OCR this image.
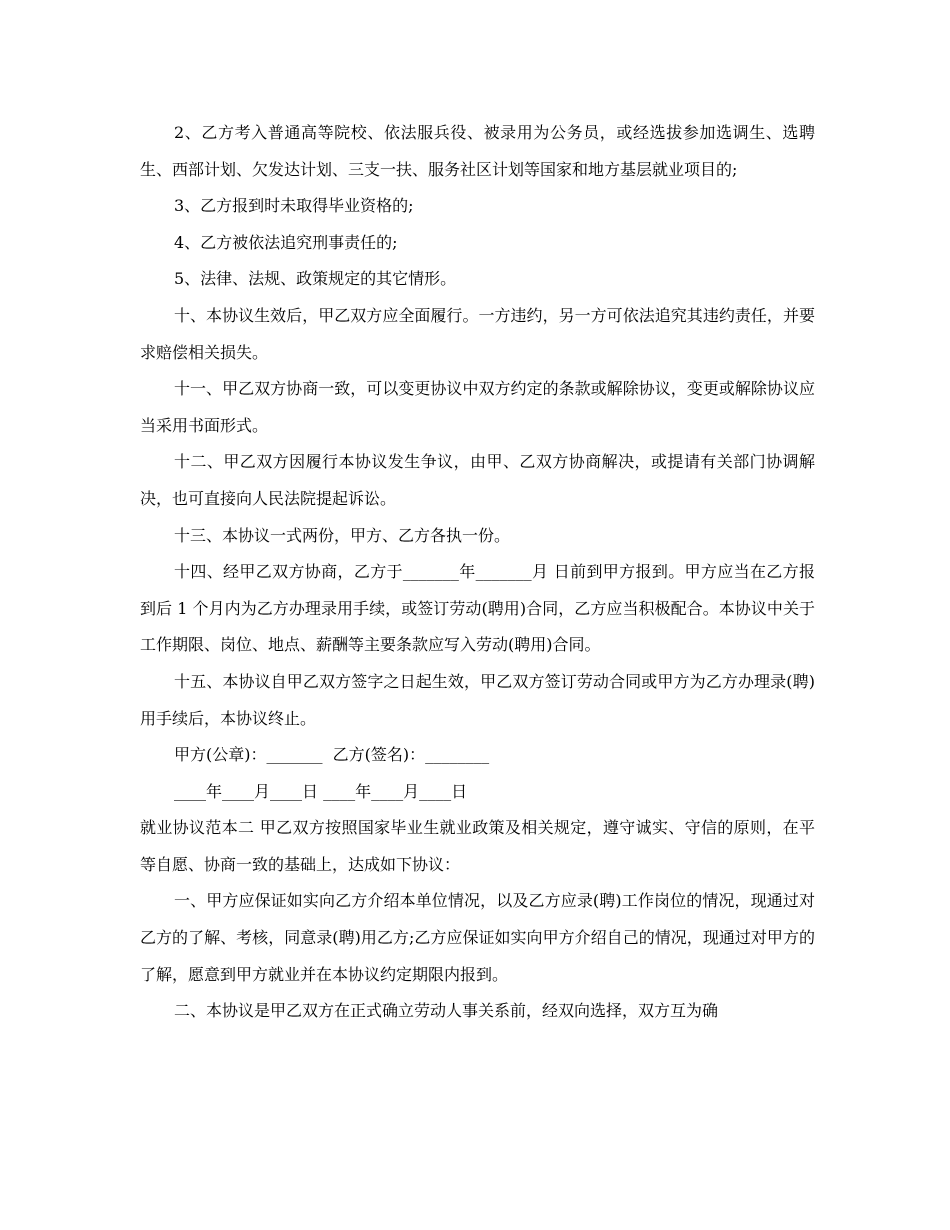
2、乙方考入普通高等院校、依法服兵役、被录用为公务员，或经选拔参加选调生、选聘生、西部计划、欠发达计划、三支一扶、服务社区计划等国家和地方基层就业项目的;

3、乙方报到时未取得毕业资格的;

4、乙方被依法追究刑事责任的;

5、法律、法规、政策规定的其它情形。

十、本协议生效后，甲乙双方应全面履行。一方违约，另一方可依法追究其违约责任，并要求赔偿相关损失。

十一、甲乙双方协商一致，可以变更协议中双方约定的条款或解除协议，变更或解除协议应当采用书面形式。

十二、甲乙双方因履行本协议发生争议，由甲、乙双方协商解决，或提请有关部门协调解决，也可直接向人民法院提起诉讼。

十三、本协议一式两份，甲方、乙方各执一份。

十四、经甲乙双方协商，乙方于_______年_______月 日前到甲方报到。甲方应当在乙方报到后 1 个月内为乙方办理录用手续，或签订劳动(聘用)合同，乙方应当积极配合。本协议中关于工作期限、岗位、地点、薪酬等主要条款应写入劳动(聘用)合同。

十五、本协议自甲乙双方签字之日起生效，甲乙双方签订劳动合同或甲方为乙方办理录(聘)用手续后，本协议终止。

甲方(公章)：_______  乙方(签名)：________

____年____月____日 ____年____月____日

就业协议范本二 甲乙双方按照国家毕业生就业政策及相关规定，遵守诚实、守信的原则，在平等自愿、协商一致的基础上，达成如下协议：

一、甲方应保证如实向乙方介绍本单位情况，以及乙方应录(聘)工作岗位的情况，现通过对乙方的了解、考核，同意录(聘)用乙方;乙方应保证如实向甲方介绍自己的情况，现通过对甲方的了解，愿意到甲方就业并在本协议约定期限内报到。

二、本协议是甲乙双方在正式确立劳动人事关系前，经双向选择，双方互为确
